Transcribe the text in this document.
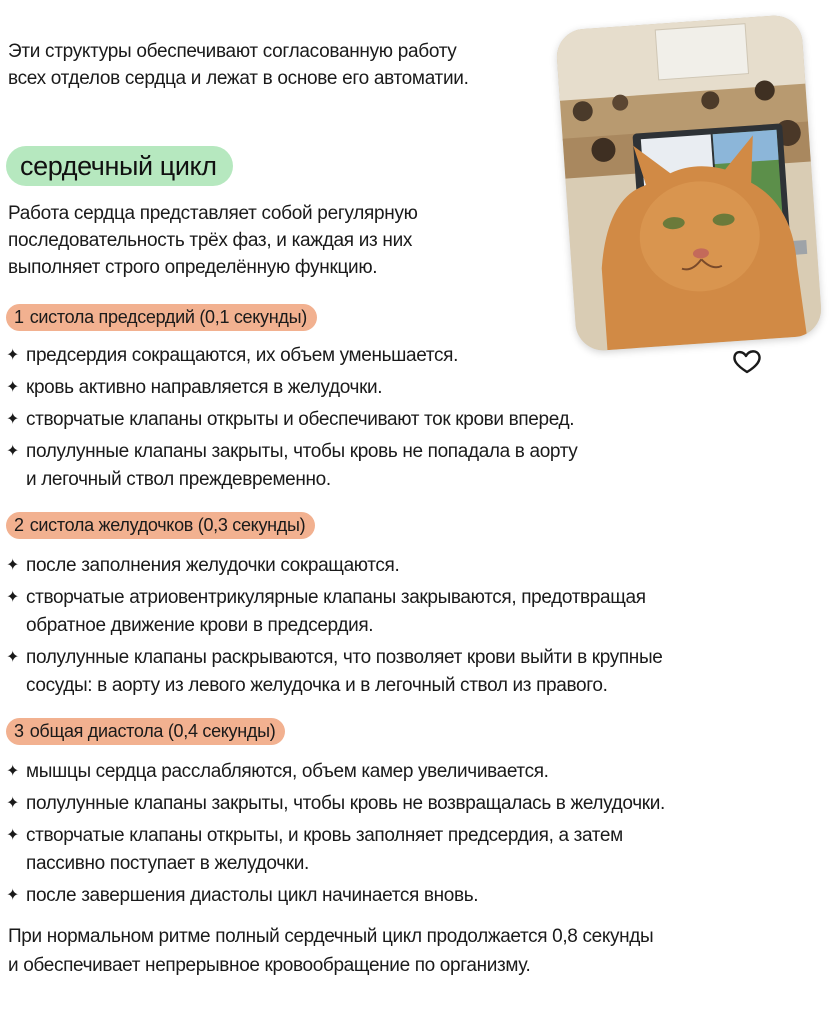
Эти структуры обеспечивают согласованную работу
всех отделов сердца и лежат в основе его автоматии.
сердечный цикл
Работа сердца представляет собой регулярную
последовательность трёх фаз, и каждая из них
выполняет строго определённую функцию.
1 систола предсердий (0,1 секунды)
✦ предсердия сокращаются, их объем уменьшается.
✦ кровь активно направляется в желудочки.
✦ створчатые клапаны открыты и обеспечивают ток крови вперед.
✦ полулунные клапаны закрыты, чтобы кровь не попадала в аорту
и легочный ствол преждевременно.
2 систола желудочков (0,3 секунды)
✦ после заполнения желудочки сокращаются.
✦ створчатые атриовентрикулярные клапаны закрываются, предотвращая
обратное движение крови в предсердия.
✦ полулунные клапаны раскрываются, что позволяет крови выйти в крупные
сосуды: в аорту из левого желудочка и в легочный ствол из правого.
3 общая диастола (0,4 секунды)
✦ мышцы сердца расслабляются, объем камер увеличивается.
✦ полулунные клапаны закрыты, чтобы кровь не возвращалась в желудочки.
✦ створчатые клапаны открыты, и кровь заполняет предсердия, а затем
пассивно поступает в желудочки.
✦ после завершения диастолы цикл начинается вновь.
При нормальном ритме полный сердечный цикл продолжается 0,8 секунды
и обеспечивает непрерывное кровообращение по организму.
